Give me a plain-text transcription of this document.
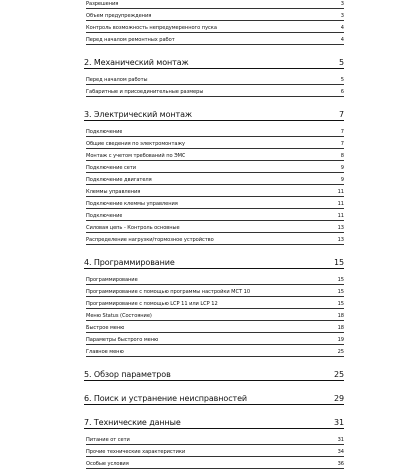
Разрешения	3
Объем предупреждения	3
Контроль возможность непредумеренного пуска	4
Перед началом ремонтных работ	4
2. Механический монтаж	5
Перед началом работы	5
Габаритные и присоединительные размеры	6
3. Электрический монтаж	7
Подключение	7
Общие сведения по электромонтажу	7
Монтаж с учетом требований по ЭМС	8
Подключение сети	9
Подключение двигателя	9
Клеммы управления	11
Подключение клеммы управления	11
Подключение	11
Силовая цепь - Контроль основные	13
Распределение нагрузки/тормозное устройство	13
4. Программирование	15
Программирование	15
Программирование с помощью программы настройки MCT 10	15
Программирование с помощью LCP 11 или LCP 12	15
Меню Status (Состояние)	18
Быстрое меню	18
Параметры быстрого меню	19
Главное меню	25
5. Обзор параметров	25
6. Поиск и устранение неисправностей	29
7. Технические данные	31
Питание от сети	31
Прочие технические характеристики	34
Особые условия	36
